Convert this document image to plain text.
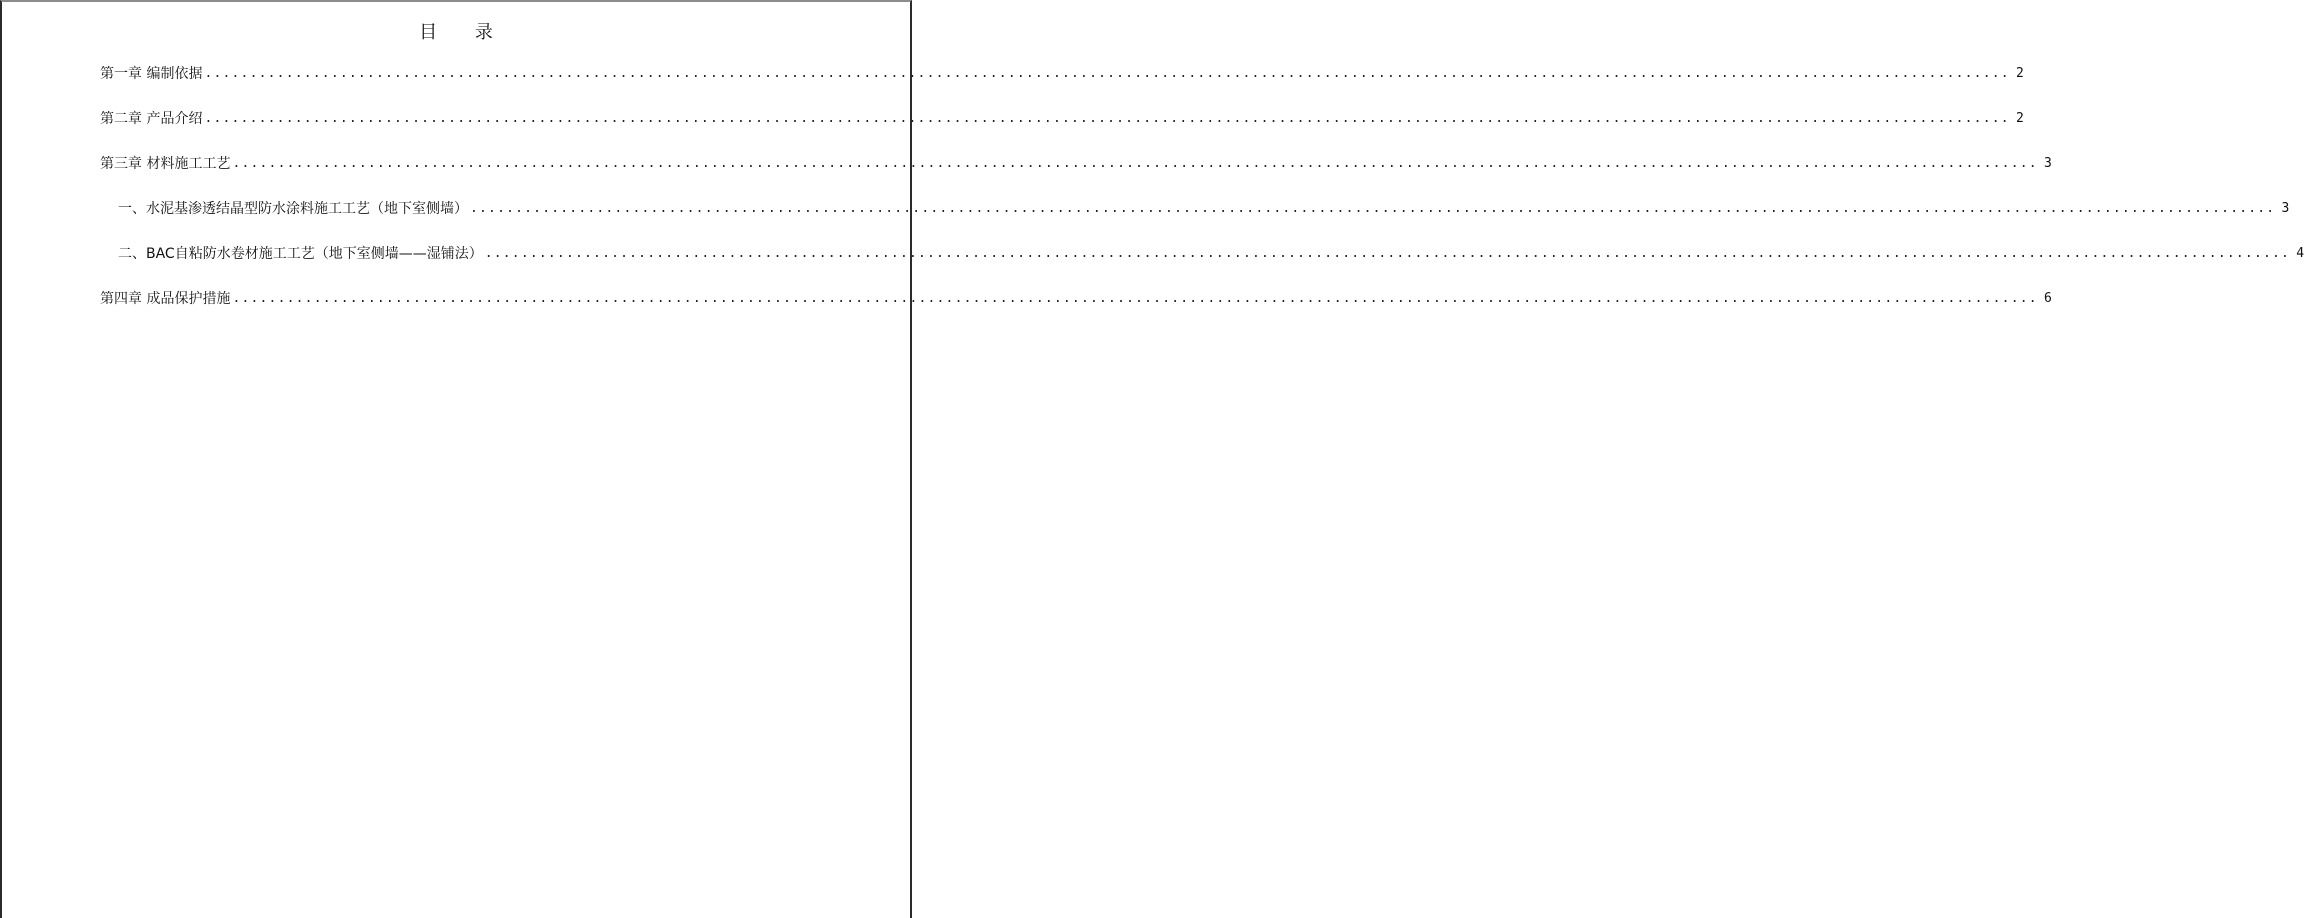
目 录
第一章 编制依据 ........................................................................................................................................................................................................ 2
第二章 产品介绍 ........................................................................................................................................................................................................ 2
第三章 材料施工工艺 ........................................................................................................................................................................................................ 3
一、水泥基渗透结晶型防水涂料施工工艺（地下室侧墙） ........................................................................................................................................................................................................ 3
二、BAC自粘防水卷材施工工艺（地下室侧墙——湿铺法） ........................................................................................................................................................................................................ 4
第四章 成品保护措施 ........................................................................................................................................................................................................ 6
